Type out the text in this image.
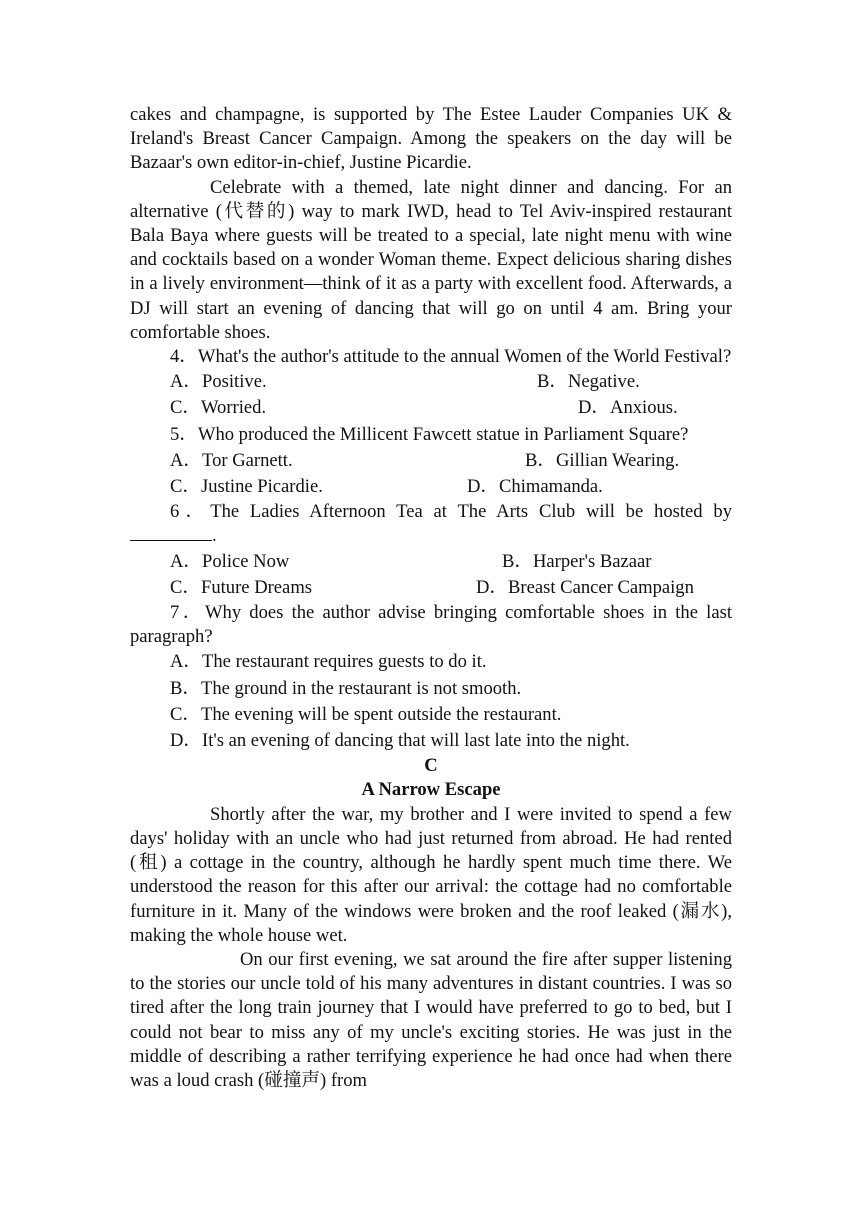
cakes and champagne, is supported by The Estee Lauder Companies UK & Ireland's Breast Cancer Campaign. Among the speakers on the day will be Bazaar's own editor-in-chief, Justine Picardie.

Celebrate with a themed, late night dinner and dancing. For an alternative (代替的) way to mark IWD, head to Tel Aviv-inspired restaurant Bala Baya where guests will be treated to a special, late night menu with wine and cocktails based on a wonder Woman theme. Expect delicious sharing dishes in a lively environment—think of it as a party with excellent food. Afterwards, a DJ will start an evening of dancing that will go on until 4 am. Bring your comfortable shoes.

4．What's the author's attitude to the annual Women of the World Festival?

A．Positive.	B．Negative.
C．Worried.	D．Anxious.

5．Who produced the Millicent Fawcett statue in Parliament Square?

A．Tor Garnett.	B．Gillian Wearing.
C．Justine Picardie.	D．Chimamanda.

6．The Ladies Afternoon Tea at The Arts Club will be hosted by .

A．Police Now	B．Harper's Bazaar
C．Future Dreams	D．Breast Cancer Campaign

7．Why does the author advise bringing comfortable shoes in the last paragraph?

A．The restaurant requires guests to do it.
B．The ground in the restaurant is not smooth.
C．The evening will be spent outside the restaurant.
D．It's an evening of dancing that will last late into the night.

C

A Narrow Escape

Shortly after the war, my brother and I were invited to spend a few days' holiday with an uncle who had just returned from abroad. He had rented (租) a cottage in the country, although he hardly spent much time there. We understood the reason for this after our arrival: the cottage had no comfortable furniture in it. Many of the windows were broken and the roof leaked (漏水), making the whole house wet.

On our first evening, we sat around the fire after supper listening to the stories our uncle told of his many adventures in distant countries. I was so tired after the long train journey that I would have preferred to go to bed, but I could not bear to miss any of my uncle's exciting stories. He was just in the middle of describing a rather terrifying experience he had once had when there was a loud crash (碰撞声) from
